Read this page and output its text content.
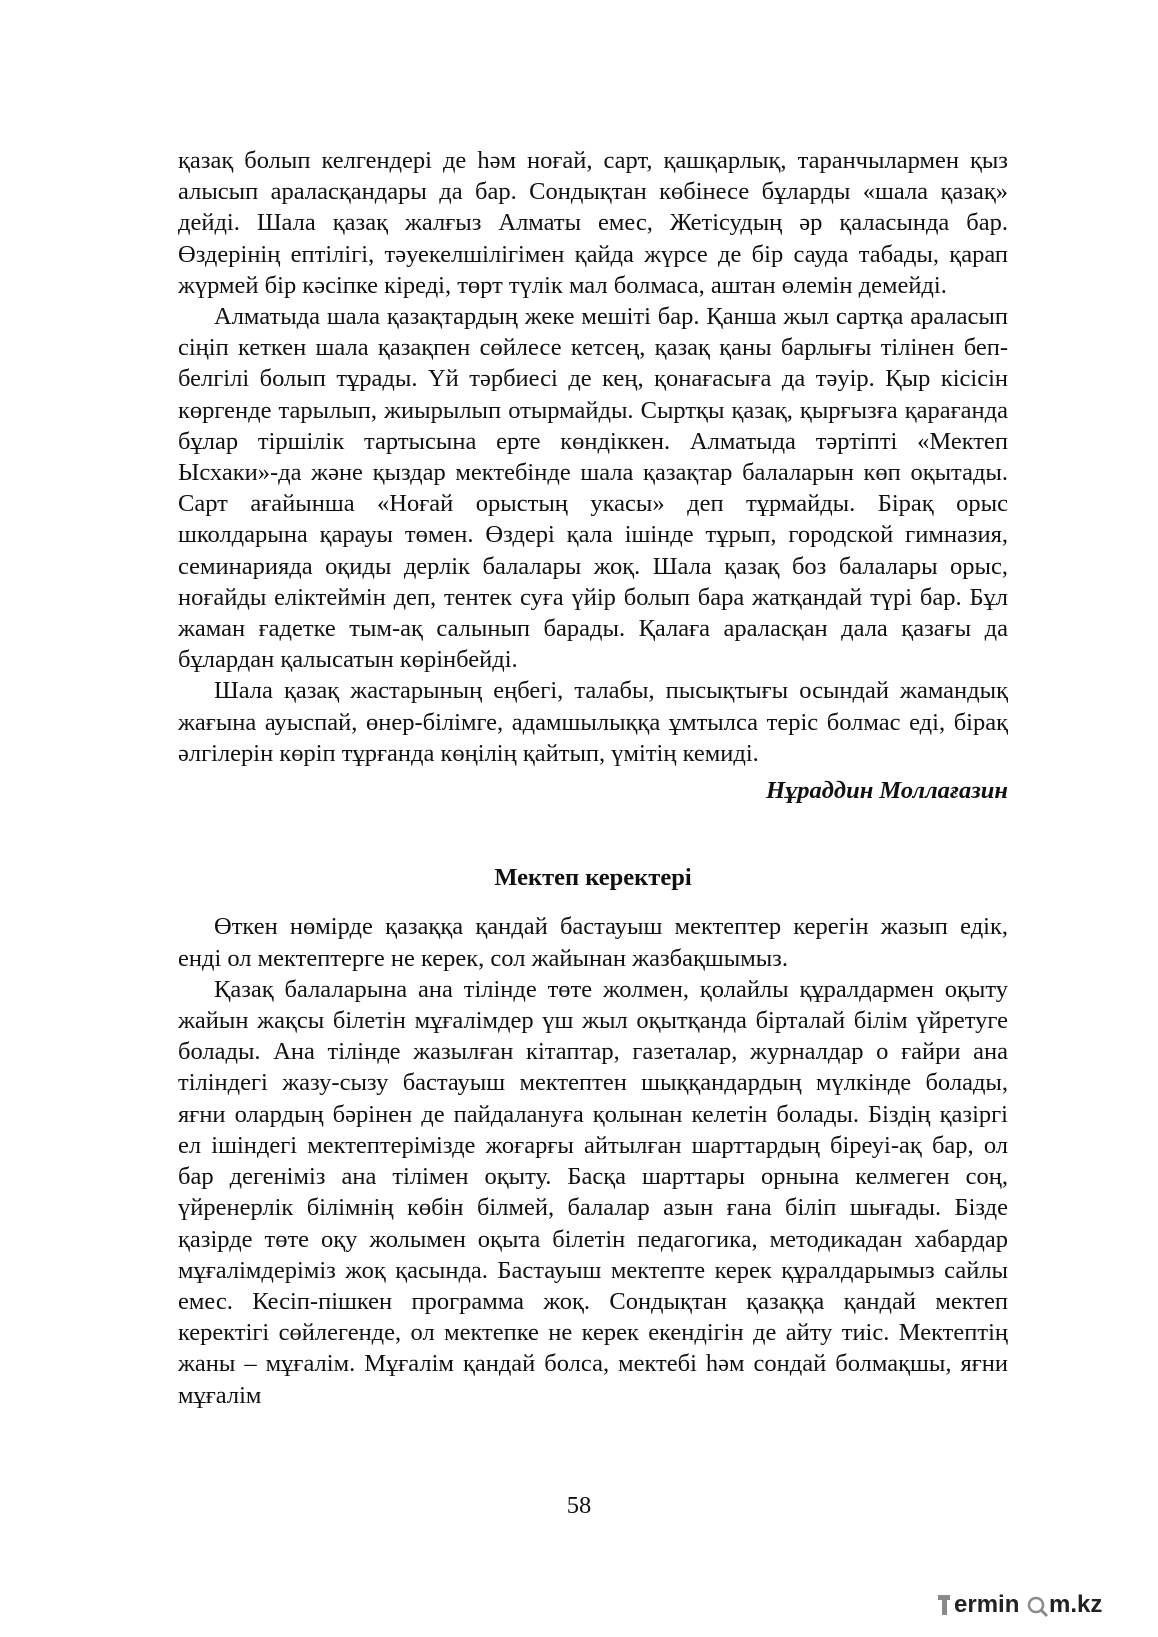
қазақ болып келгендері де һәм ноғай, сарт, қашқарлық, таранчылармен қыз алысып араласқандары да бар. Сондықтан көбінесе бұларды «шала қазақ» дейді. Шала қазақ жалғыз Алматы емес, Жетісудың әр қаласында бар. Өздерінің ептілігі, тәуекелшілігімен қайда жүрсе де бір сауда табады, қарап жүрмей бір кәсіпке кіреді, төрт түлік мал болмаса, аштан өлемін демейді.

Алматыда шала қазақтардың жеке мешіті бар. Қанша жыл сартқа араласып сіңіп кеткен шала қазақпен сөйлесе кетсең, қазақ қаны барлығы тілінен беп-белгілі болып тұрады. Үй тәрбиесі де кең, қонағасыға да тәуір. Қыр кісісін көргенде тарылып, жиырылып отырмайды. Сыртқы қазақ, қырғызға қарағанда бұлар тіршілік тартысына ерте көндіккен. Алматыда тәртіпті «Мектеп Ысхаки»-да және қыздар мектебінде шала қазақтар балаларын көп оқытады. Сарт ағайынша «Ноғай орыстың укасы» деп тұрмайды. Бірақ орыс школдарына қарауы төмен. Өздері қала ішінде тұрып, городской гимназия, семинарияда оқиды дерлік балалары жоқ. Шала қазақ боз балалары орыс, ноғайды еліктеймін деп, тентек суға үйір болып бара жатқандай түрі бар. Бұл жаман ғадетке тым-ақ салынып барады. Қалаға араласқан дала қазағы да бұлардан қалысатын көрінбейді.

Шала қазақ жастарының еңбегі, талабы, пысықтығы осындай жамандық жағына ауыспай, өнер-білімге, адамшылыққа ұмтылса теріс болмас еді, бірақ әлгілерін көріп тұрғанда көңілің қайтып, үмітің кемиді.

Нұраддин Моллағазин

Мектеп керектері

Өткен нөмірде қазаққа қандай бастауыш мектептер керегін жазып едік, енді ол мектептерге не керек, сол жайынан жазбақшымыз.

Қазақ балаларына ана тілінде төте жолмен, қолайлы құралдармен оқыту жайын жақсы білетін мұғалімдер үш жыл оқытқанда бірталай білім үйретуге болады. Ана тілінде жазылған кітаптар, газеталар, журналдар о ғайри ана тіліндегі жазу-сызу бастауыш мектептен шыққандардың мүлкінде болады, яғни олардың бәрінен де пайдалануға қолынан келетін болады. Біздің қазіргі ел ішіндегі мектептерімізде жоғарғы айтылған шарттардың біреуі-ақ бар, ол бар дегеніміз ана тілімен оқыту. Басқа шарттары орнына келмеген соң, үйренерлік білімнің көбін білмей, балалар азын ғана біліп шығады. Бізде қазірде төте оқу жолымен оқыта білетін педагогика, методикадан хабардар мұғалімдеріміз жоқ қасында. Бастауыш мектепте керек құралдарымыз сайлы емес. Кесіп-пішкен программа жоқ. Сондықтан қазаққа қандай мектеп керектігі сөйлегенде, ол мектепке не керек екендігін де айту тиіс. Мектептің жаны – мұғалім. Мұғалім қандай болса, мектебі һәм сондай болмақшы, яғни мұғалім

58
ermin m.kz
